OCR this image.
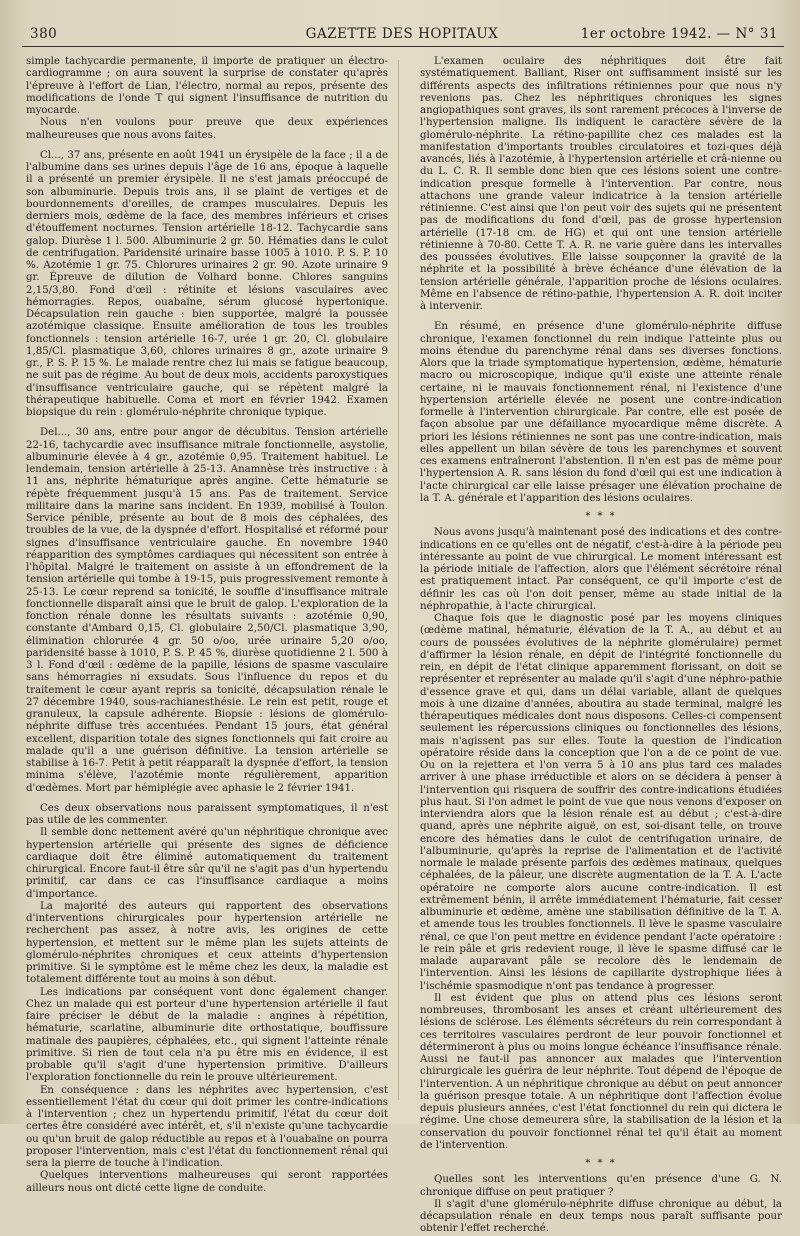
380	GAZETTE DES HOPITAUX	1er octobre 1942. — N° 31

simple tachycardie permanente, il importe de pratiquer un électro-cardiogramme ; on aura souvent la surprise de constater qu'après l'épreuve à l'effort de Lian, l'électro, normal au repos, présente des modifications de l'onde T qui signent l'insuffisance de nutrition du myocarde.

Nous n'en voulons pour preuve que deux expériences malheureuses que nous avons faites.

Cl..., 37 ans, présente en août 1941 un érysipèle de la face ; il a de l'albumine dans ses urines depuis l'âge de 16 ans, époque à laquelle il a présenté un premier érysipèle. Il ne s'est jamais préoccupé de son albuminurie. Depuis trois ans, il se plaint de vertiges et de bourdonnements d'oreilles, de crampes musculaires. Depuis les derniers mois, œdème de la face, des membres inférieurs et crises d'étouffement nocturnes. Tension artérielle 18-12. Tachycardie sans galop. Diurèse 1 l. 500. Albuminurie 2 gr. 50. Hématies dans le culot de centrifugation. Paridensité urinaire basse 1005 à 1010. P. S. P. 10 %. Azotémie 1 gr. 75. Chlorures urinaires 2 gr. 90. Azote urinaire 9 gr. Épreuve de dilution de Volhard bonne. Chlores sanguins 2,15/3,80. Fond d'œil : rétinite et lésions vasculaires avec hémorragies. Repos, ouabaïne, sérum glucosé hypertonique. Décapsulation rein gauche : bien supportée, malgré la poussée azotémique classique. Ensuite amélioration de tous les troubles fonctionnels : tension artérielle 16-7, urée 1 gr. 20, Cl. globulaire 1,85/Cl. plasmatique 3,60, chlores urinaires 8 gr., azote urinaire 9 gr., P. S. P. 15 %. Le malade rentre chez lui mais se fatigue beaucoup, ne suit pas de régime. Au bout de deux mois, accidents paroxystiques d'insuffisance ventriculaire gauche, qui se répètent malgré la thérapeutique habituelle. Coma et mort en février 1942. Examen biopsique du rein : glomérulo-néphrite chronique typique.

Del..., 30 ans, entre pour angor de décubitus. Tension artérielle 22-16, tachycardie avec insuffisance mitrale fonctionnelle, asystolie, albuminurie élevée à 4 gr., azotémie 0,95. Traitement habituel. Le lendemain, tension artérielle à 25-13. Anamnèse très instructive : à 11 ans, néphrite hématurique après angine. Cette hématurie se répète fréquemment jusqu'à 15 ans. Pas de traitement. Service militaire dans la marine sans incident. En 1939, mobilisé à Toulon. Service pénible, présente au bout de 8 mois des céphalées, des troubles de la vue, de la dyspnée d'effort. Hospitalisé et réformé pour signes d'insuffisance ventriculaire gauche. En novembre 1940 réapparition des symptômes cardiaques qui nécessitent son entrée à l'hôpital. Malgré le traitement on assiste à un effondrement de la tension artérielle qui tombe à 19-15, puis progressivement remonte à 25-13. Le cœur reprend sa tonicité, le souffle d'insuffisance mitrale fonctionnelle disparaît ainsi que le bruit de galop. L'exploration de la fonction rénale donne les résultats suivants : azotémie 0,90, constante d'Ambard 0,15, Cl. globulaire 2,50/Cl. plasmatique 3,90, élimination chlorurée 4 gr. 50 o/oo, urée urinaire 5,20 o/oo, paridensité basse à 1010, P. S. P. 45 %, diurèse quotidienne 2 l. 500 à 3 l. Fond d'œil : œdème de la papille, lésions de spasme vasculaire sans hémorragies ni exsudats. Sous l'influence du repos et du traitement le cœur ayant repris sa tonicité, décapsulation rénale le 27 décembre 1940, sous-rachianesthésie. Le rein est petit, rouge et granuleux, la capsule adhérente. Biopsie : lésions de glomérulo-néphrite diffuse très accentuées. Pendant 15 jours, état général excellent, disparition totale des signes fonctionnels qui fait croire au malade qu'il a une guérison définitive. La tension artérielle se stabilise à 16-7. Petit à petit réapparaît la dyspnée d'effort, la tension minima s'élève, l'azotémie monte régulièrement, apparition d'œdèmes. Mort par hémiplégie avec aphasie le 2 février 1941.

Ces deux observations nous paraissent symptomatiques, il n'est pas utile de les commenter.

Il semble donc nettement avéré qu'un néphritique chronique avec hypertension artérielle qui présente des signes de déficience cardiaque doit être éliminé automatiquement du traitement chirurgical. Encore faut-il être sûr qu'il ne s'agit pas d'un hypertendu primitif, car dans ce cas l'insuffisance cardiaque a moins d'importance.

La majorité des auteurs qui rapportent des observations d'interventions chirurgicales pour hypertension artérielle ne recherchent pas assez, à notre avis, les origines de cette hypertension, et mettent sur le même plan les sujets atteints de glomérulo-néphrites chroniques et ceux atteints d'hypertension primitive. Si le symptôme est le même chez les deux, la maladie est totalement différente tout au moins à son début.

Les indications par conséquent vont donc également changer. Chez un malade qui est porteur d'une hypertension artérielle il faut faire préciser le début de la maladie : angines à répétition, hématurie, scarlatine, albuminurie dite orthostatique, bouffissure matinale des paupières, céphalées, etc., qui signent l'atteinte rénale primitive. Si rien de tout cela n'a pu être mis en évidence, il est probable qu'il s'agit d'une hypertension primitive. D'ailleurs l'exploration fonctionnelle du rein le prouve ultérieurement.

En conséquence : dans les néphrites avec hypertension, c'est essentiellement l'état du cœur qui doit primer les contre-indications à l'intervention ; chez un hypertendu primitif, l'état du cœur doit certes être considéré avec intérêt, et, s'il n'existe qu'une tachycardie ou qu'un bruit de galop réductible au repos et à l'ouabaïne on pourra proposer l'intervention, mais c'est l'état du fonctionnement rénal qui sera la pierre de touche à l'indication.

Quelques interventions malheureuses qui seront rapportées ailleurs nous ont dicté cette ligne de conduite.

L'examen oculaire des néphritiques doit être fait systématiquement. Balliant, Riser ont suffisamment insisté sur les différents aspects des infiltrations rétiniennes pour que nous n'y revenions pas. Chez les néphritiques chroniques les signes angiopathiques sont graves, ils sont rarement précoces à l'inverse de l'hypertension maligne. Ils indiquent le caractère sévère de la glomérulo-néphrite. La rétino-papillite chez ces malades est la manifestation d'importants troubles circulatoires et tozi-ques déjà avancés, liés à l'azotémie, à l'hypertension artérielle et crâ-nienne ou du L. C. R. Il semble donc bien que ces lésions soient une contre-indication presque formelle à l'intervention. Par contre, nous attachons une grande valeur indicatrice à la tension artérielle rétinienne. C'est ainsi que l'on peut voir des sujets qui ne présentent pas de modifications du fond d'œil, pas de grosse hypertension artérielle (17-18 cm. de HG) et qui ont une tension artérielle rétinienne à 70-80. Cette T. A. R. ne varie guère dans les intervalles des poussées évolutives. Elle laisse soupçonner la gravité de la néphrite et la possibilité à brève échéance d'une élévation de la tension artérielle générale, l'apparition proche de lésions oculaires. Même en l'absence de rétino-pathie, l'hypertension A. R. doit inciter à intervenir.

En résumé, en présence d'une glomérulo-néphrite diffuse chronique, l'examen fonctionnel du rein indique l'atteinte plus ou moins étendue du parenchyme rénal dans ses diverses fonctions. Alors que la triade symptomatique hypertension, œdème, hématurie macro ou microscopique, indique qu'il existe une atteinte rénale certaine, ni le mauvais fonctionnement rénal, ni l'existence d'une hypertension artérielle élevée ne posent une contre-indication formelle à l'intervention chirurgicale. Par contre, elle est posée de façon absolue par une défaillance myocardique même discrète. A priori les lésions rétiniennes ne sont pas une contre-indication, mais elles appellent un bilan sévère de tous les parenchymes et souvent ces examens entraîneront l'abstention. Il n'en est pas de même pour l'hypertension A. R. sans lésion du fond d'œil qui est une indication à l'acte chirurgical car elle laisse présager une élévation prochaine de la T. A. générale et l'apparition des lésions oculaires.

* * *

Nous avons jusqu'à maintenant posé des indications et des contre-indications en ce qu'elles ont de négatif, c'est-à-dire à la période peu intéressante au point de vue chirurgical. Le moment intéressant est la période initiale de l'affection, alors que l'élément sécrétoire rénal est pratiquement intact. Par conséquent, ce qu'il importe c'est de définir les cas où l'on doit penser, même au stade initial de la néphropathie, à l'acte chirurgical.

Chaque fois que le diagnostic posé par les moyens cliniques (œdème matinal, hématurie, élévation de la T. A., au début et au cours de poussées évolutives de la néphrite glomérulaire) permet d'affirmer la lésion rénale, en dépit de l'intégrité fonctionnelle du rein, en dépit de l'état clinique apparemment florissant, on doit se représenter et représenter au malade qu'il s'agit d'une néphro-pathie d'essence grave et qui, dans un délai variable, allant de quelques mois à une dizaine d'années, aboutira au stade terminal, malgré les thérapeutiques médicales dont nous disposons. Celles-ci compensent seulement les répercussions cliniques ou fonctionnelles des lésions, mais n'agissent pas sur elles. Toute la question de l'indication opératoire réside dans la conception que l'on a de ce point de vue. Ou on la rejettera et l'on verra 5 à 10 ans plus tard ces malades arriver à une phase irréductible et alors on se décidera à penser à l'intervention qui risquera de souffrir des contre-indications étudiées plus haut. Si l'on admet le point de vue que nous venons d'exposer on interviendra alors que la lésion rénale est au début ; c'est-à-dire quand, après une néphrite aiguë, on est, soi-disant telle, on trouve encore des hématies dans le culot de centrifugation urinaire, de l'albuminurie, qu'après la reprise de l'alimentation et de l'activité normale le malade présente parfois des œdèmes matinaux, quelques céphalées, de la pâleur, une discrète augmentation de la T. A. L'acte opératoire ne comporte alors aucune contre-indication. Il est extrêmement bénin, il arrête immédiatement l'hématurie, fait cesser albuminurie et œdème, amène une stabilisation définitive de la T. A. et amende tous les troubles fonctionnels. Il lève le spasme vasculaire rénal, ce que l'on peut mettre en évidence pendant l'acte opératoire : le rein pâle et gris redevient rouge, il lève le spasme diffusé car le malade auparavant pâle se recolore dès le lendemain de l'intervention. Ainsi les lésions de capillarite dystrophique liées à l'ischémie spasmodique n'ont pas tendance à progresser.

Il est évident que plus on attend plus ces lésions seront nombreuses, thrombosant les anses et créant ultérieurement des lésions de sclérose. Les éléments sécréteurs du rein correspondant à ces territoires vasculaires perdront de leur pouvoir fonctionnel et détermineront à plus ou moins longue échéance l'insuffisance rénale. Aussi ne faut-il pas annoncer aux malades que l'intervention chirurgicale les guérira de leur néphrite. Tout dépend de l'époque de l'intervention. A un néphritique chronique au début on peut annoncer la guérison presque totale. A un néphritique dont l'affection évolue depuis plusieurs années, c'est l'état fonctionnel du rein qui dictera le régime. Une chose demeurera sûre, la stabilisation de la lésion et la conservation du pouvoir fonctionnel rénal tel qu'il était au moment de l'intervention.

* * *

Quelles sont les interventions qu'en présence d'une G. N. chronique diffuse on peut pratiquer ?

Il s'agit d'une glomérulo-néphrite diffuse chronique au début, la décapsulation rénale en deux temps nous paraît suffisante pour obtenir l'effet recherché.
